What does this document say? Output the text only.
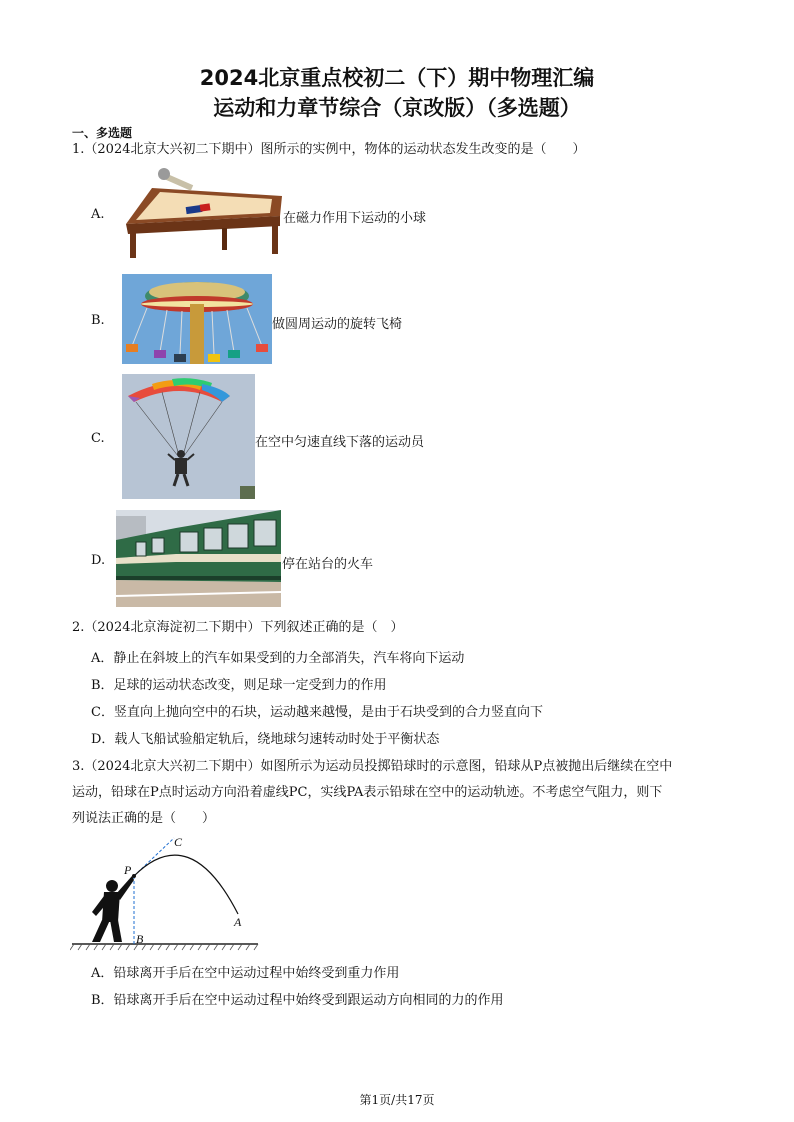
2024北京重点校初二（下）期中物理汇编
运动和力章节综合（京改版）（多选题）
一、多选题
1.（2024北京大兴初二下期中）图所示的实例中，物体的运动状态发生改变的是（　　）
A.	在磁力作用下运动的小球
B.	做圆周运动的旋转飞椅
C.	在空中匀速直线下落的运动员
D.	停在站台的火车
2.（2024北京海淀初二下期中）下列叙述正确的是（　）
A．静止在斜坡上的汽车如果受到的力全部消失，汽车将向下运动
B．足球的运动状态改变，则足球一定受到力的作用
C．竖直向上抛向空中的石块，运动越来越慢，是由于石块受到的合力竖直向下
D．载人飞船试验船定轨后，绕地球匀速转动时处于平衡状态
3.（2024北京大兴初二下期中）如图所示为运动员投掷铅球时的示意图，铅球从P点被抛出后继续在空中
运动，铅球在P点时运动方向沿着虚线PC，实线PA表示铅球在空中的运动轨迹。不考虑空气阻力，则下
列说法正确的是（　　）
P
C
A
B
A．铅球离开手后在空中运动过程中始终受到重力作用
B．铅球离开手后在空中运动过程中始终受到跟运动方向相同的力的作用
第1页/共17页
